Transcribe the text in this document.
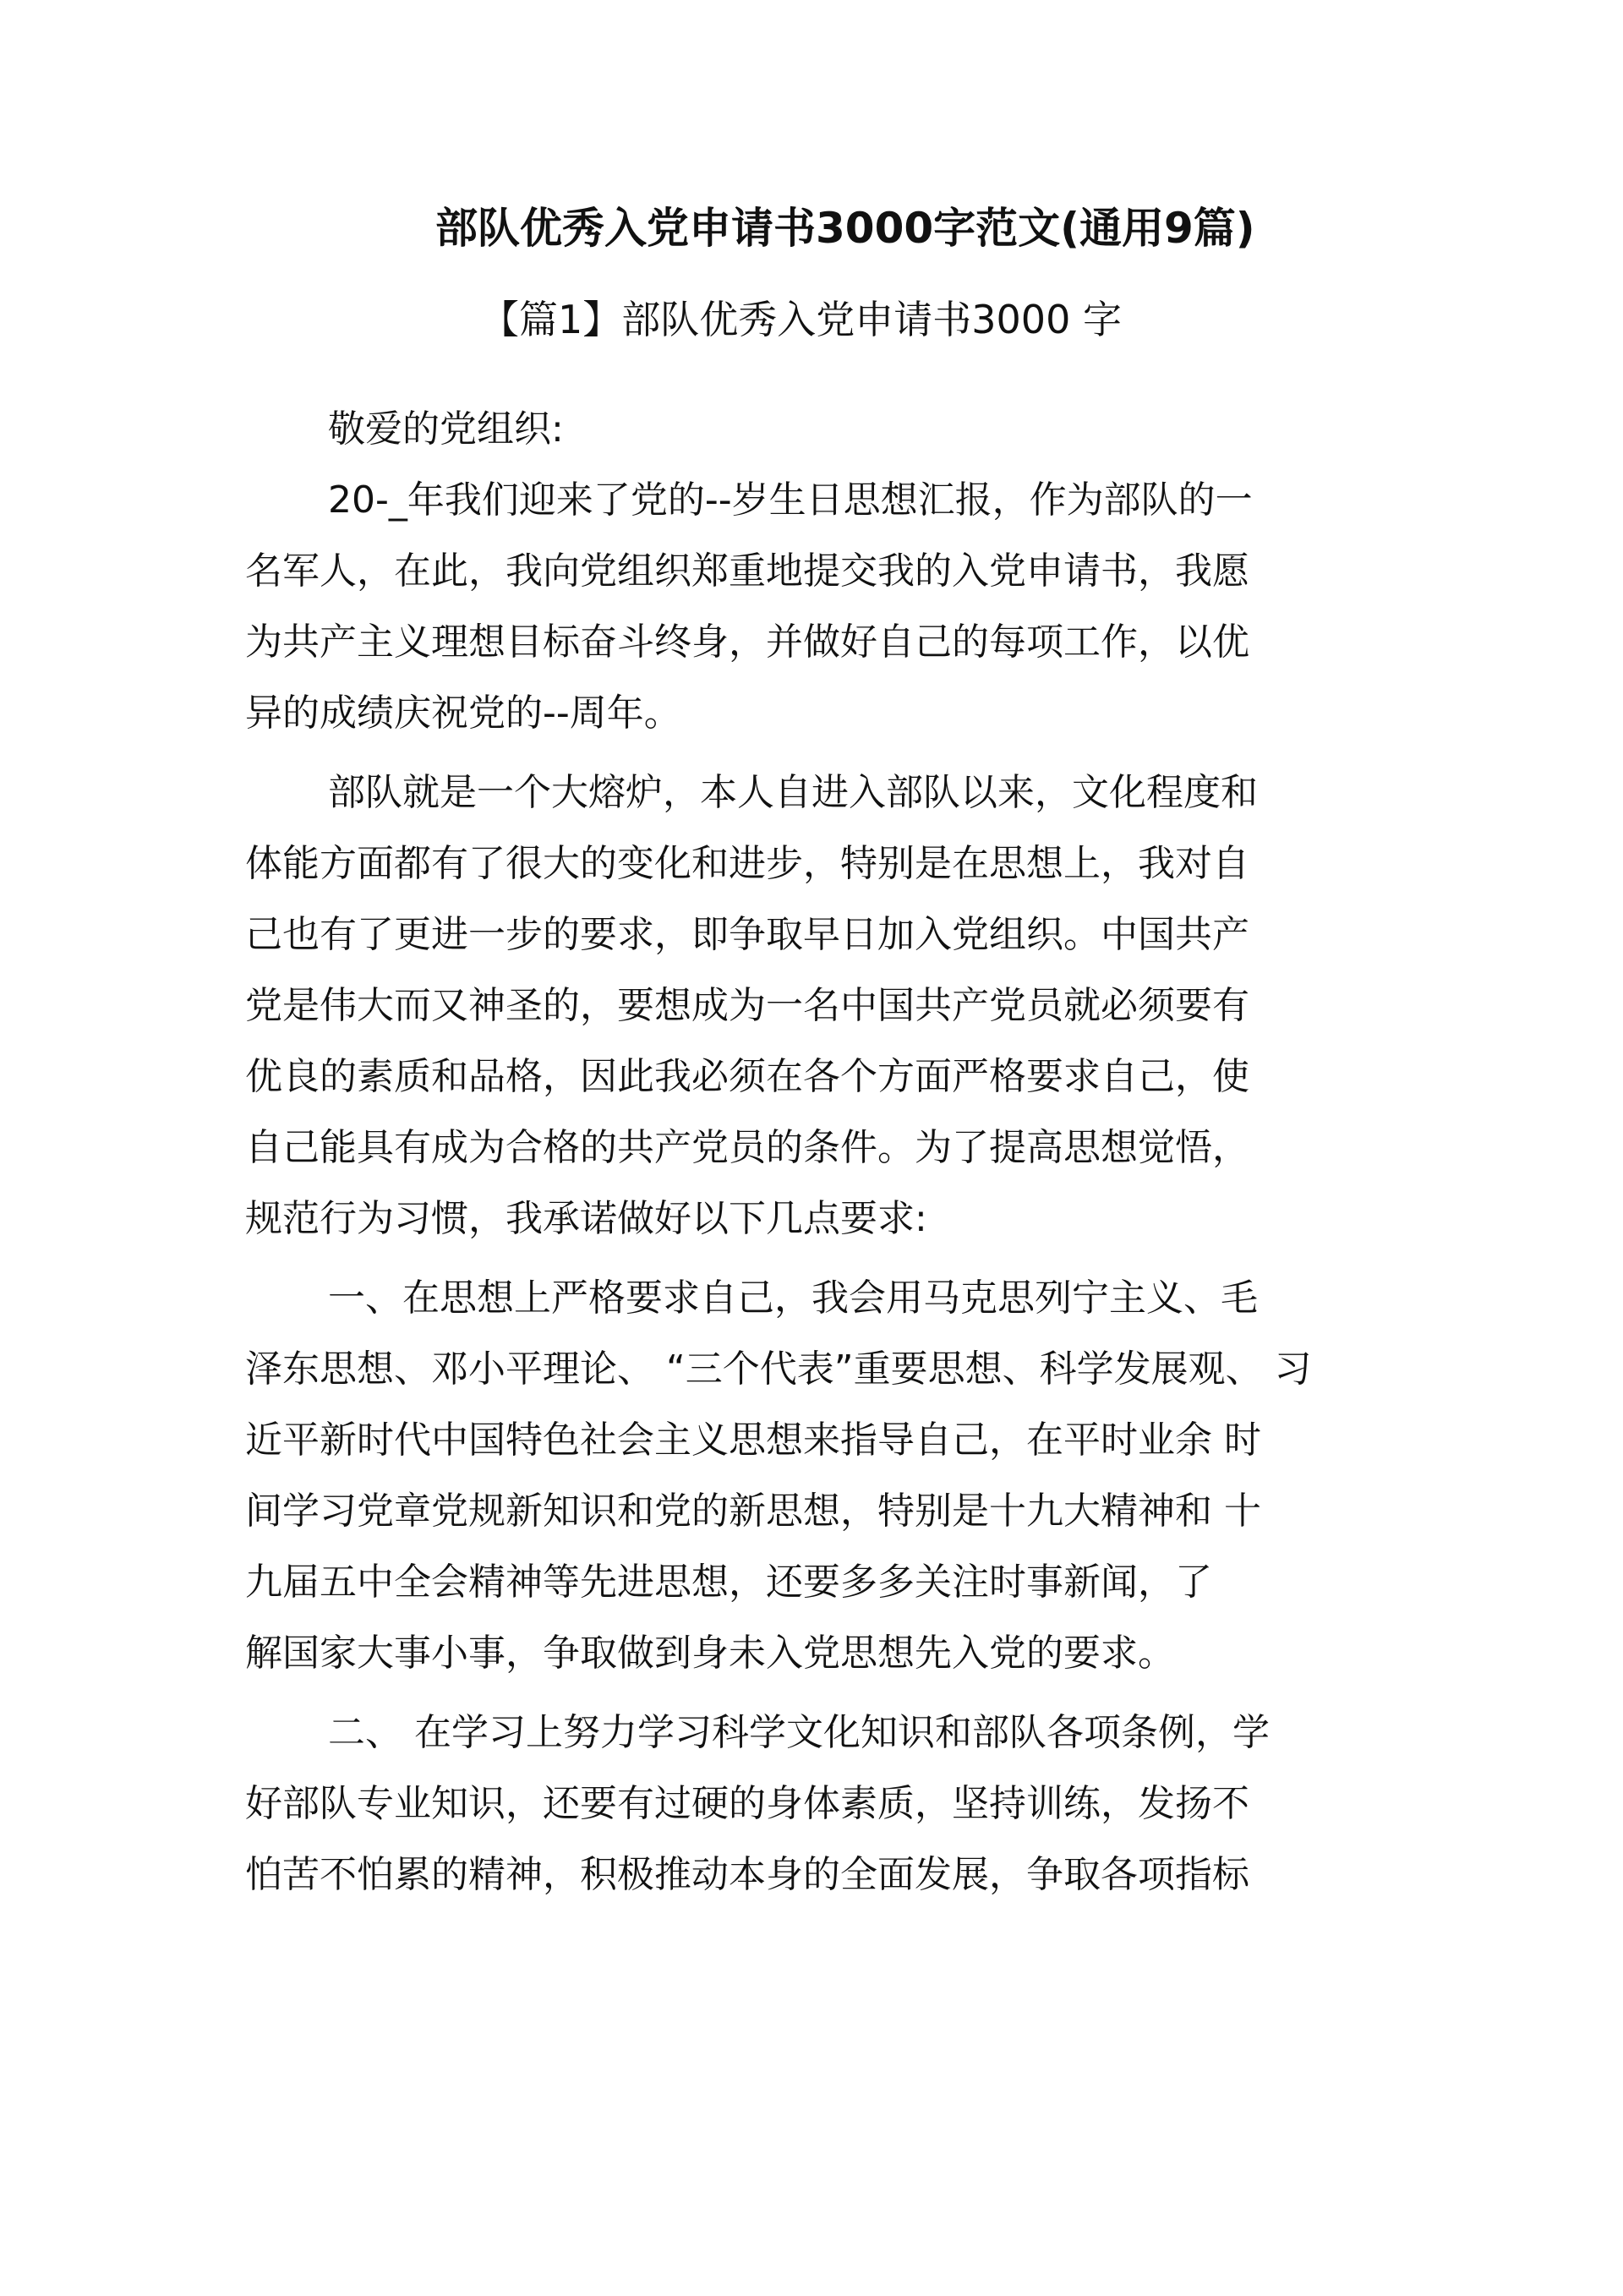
部队优秀入党申请书3000字范文(通用9篇)
【篇1】部队优秀入党申请书3000 字

敬爱的党组织:

20-_年我们迎来了党的--岁生日思想汇报，作为部队的一
名军人，在此，我向党组织郑重地提交我的入党申请书，我愿
为共产主义理想目标奋斗终身，并做好自己的每项工作，以优
异的成绩庆祝党的--周年。
部队就是一个大熔炉，本人自进入部队以来，文化程度和
体能方面都有了很大的变化和进步，特别是在思想上，我对自
己也有了更进一步的要求，即争取早日加入党组织。中国共产
党是伟大而又神圣的，要想成为一名中国共产党员就必须要有
优良的素质和品格，因此我必须在各个方面严格要求自己，使
自己能具有成为合格的共产党员的条件。为了提高思想觉悟，
规范行为习惯，我承诺做好以下几点要求:
一、在思想上严格要求自己，我会用马克思列宁主义、毛
泽东思想、邓小平理论、 “三个代表”重要思想、科学发展观、 习
近平新时代中国特色社会主义思想来指导自己，在平时业余 时
间学习党章党规新知识和党的新思想，特别是十九大精神和 十
九届五中全会精神等先进思想，还要多多关注时事新闻，了
解国家大事小事，争取做到身未入党思想先入党的要求。
二、 在学习上努力学习科学文化知识和部队各项条例，学
好部队专业知识，还要有过硬的身体素质，坚持训练，发扬不
怕苦不怕累的精神，积极推动本身的全面发展，争取各项指标
